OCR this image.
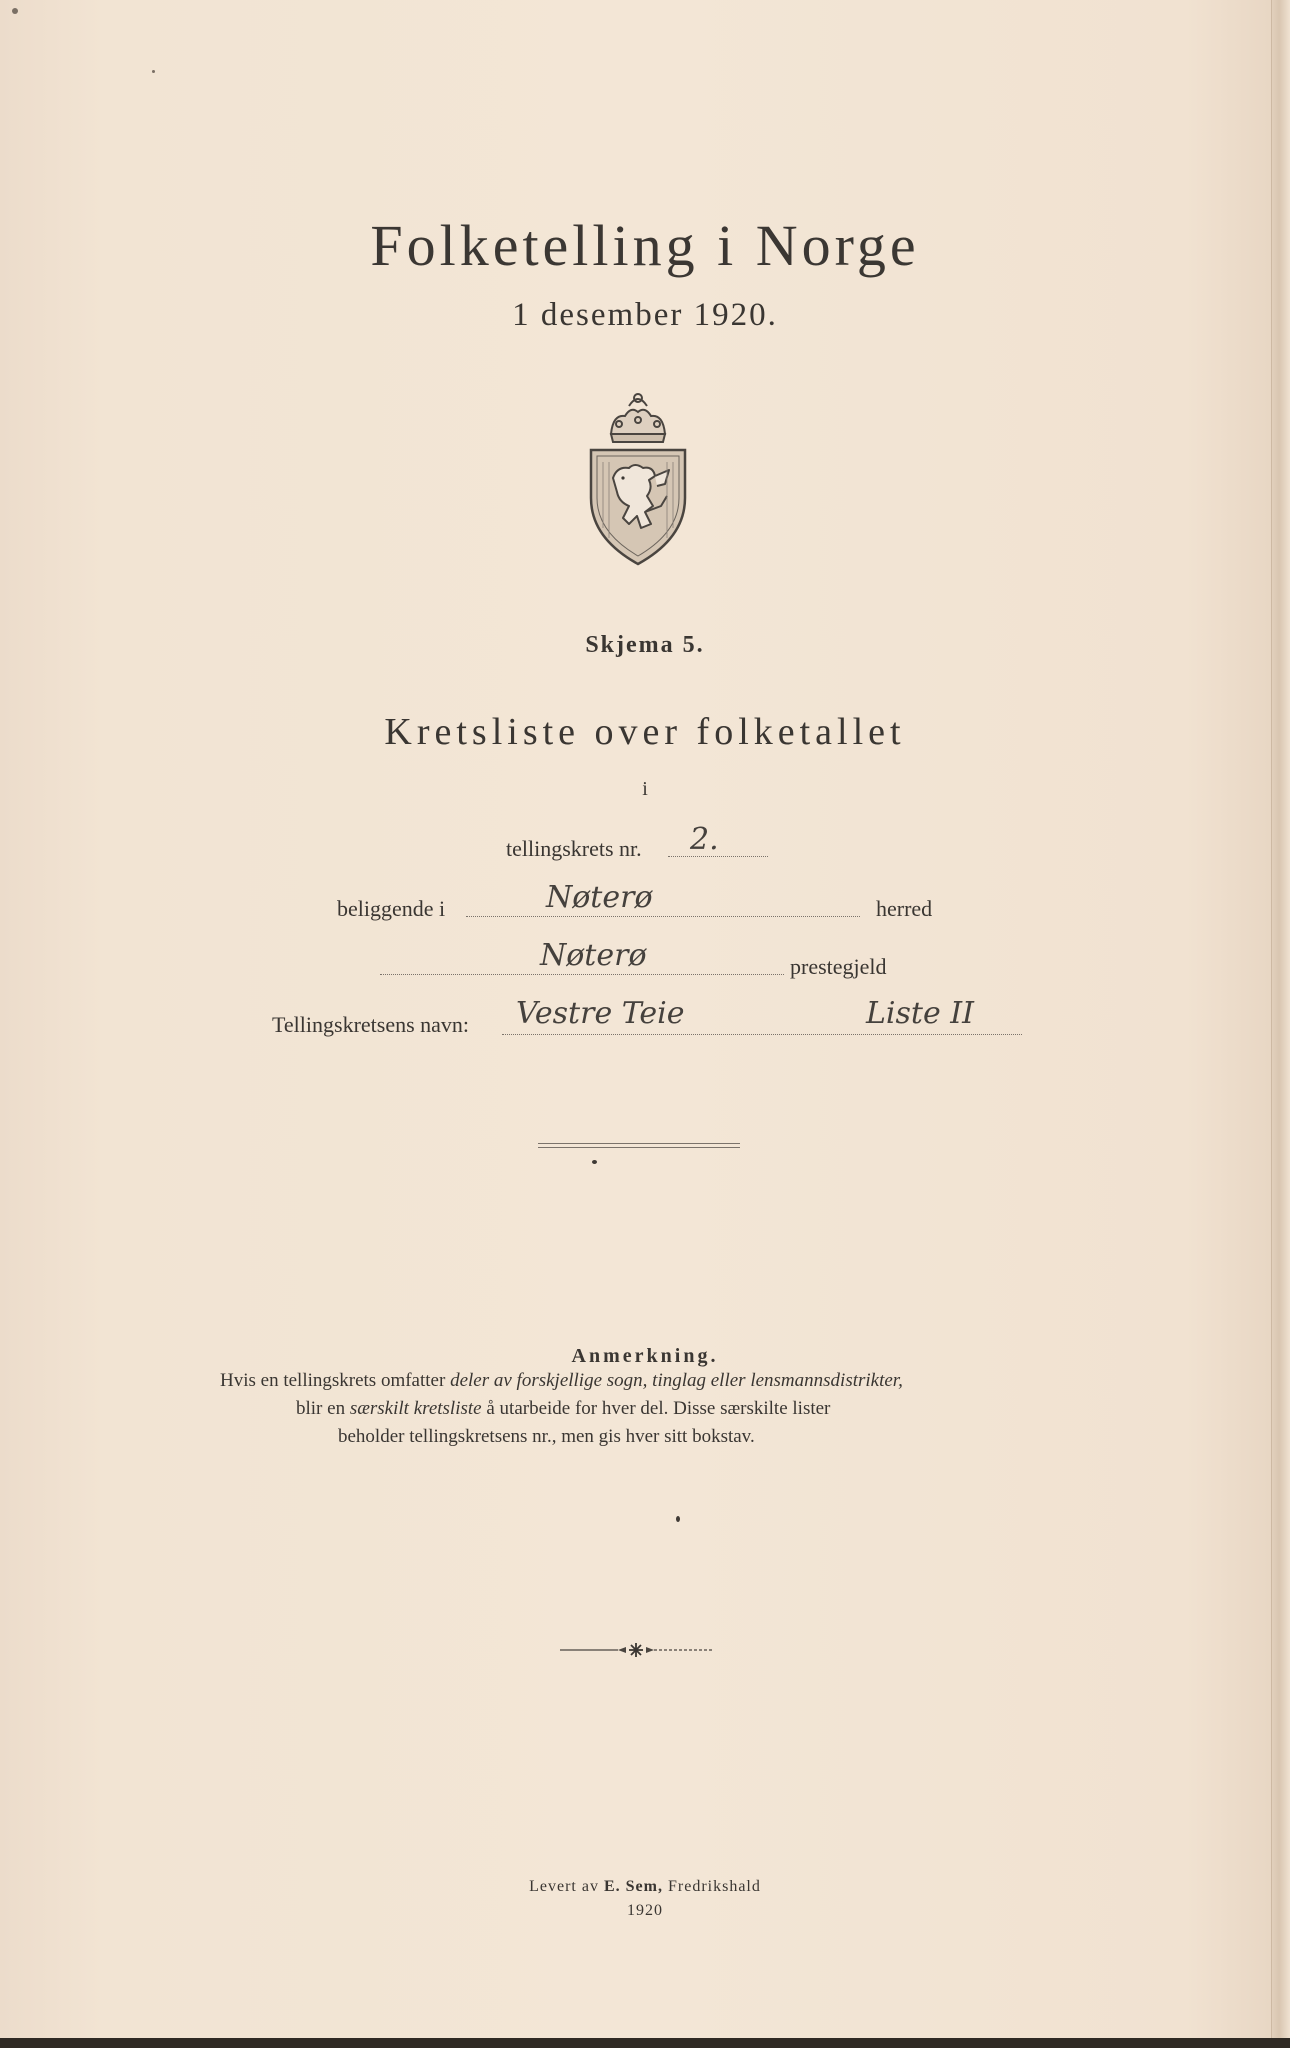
Folketelling i Norge
1 desember 1920.
Skjema 5.
Kretsliste over folketallet
i
tellingskrets nr. 2.
beliggende i	Nøterø	herred
Nøterø	prestegjeld
Tellingskretsens navn: Vestre Teie	Liste II
Anmerkning.
Hvis en tellingskrets omfatter deler av forskjellige sogn, tinglag eller lensmannsdistrikter,
blir en særskilt kretsliste å utarbeide for hver del. Disse særskilte lister
beholder tellingskretsens nr., men gis hver sitt bokstav.
Levert av E. Sem, Fredrikshald
1920
